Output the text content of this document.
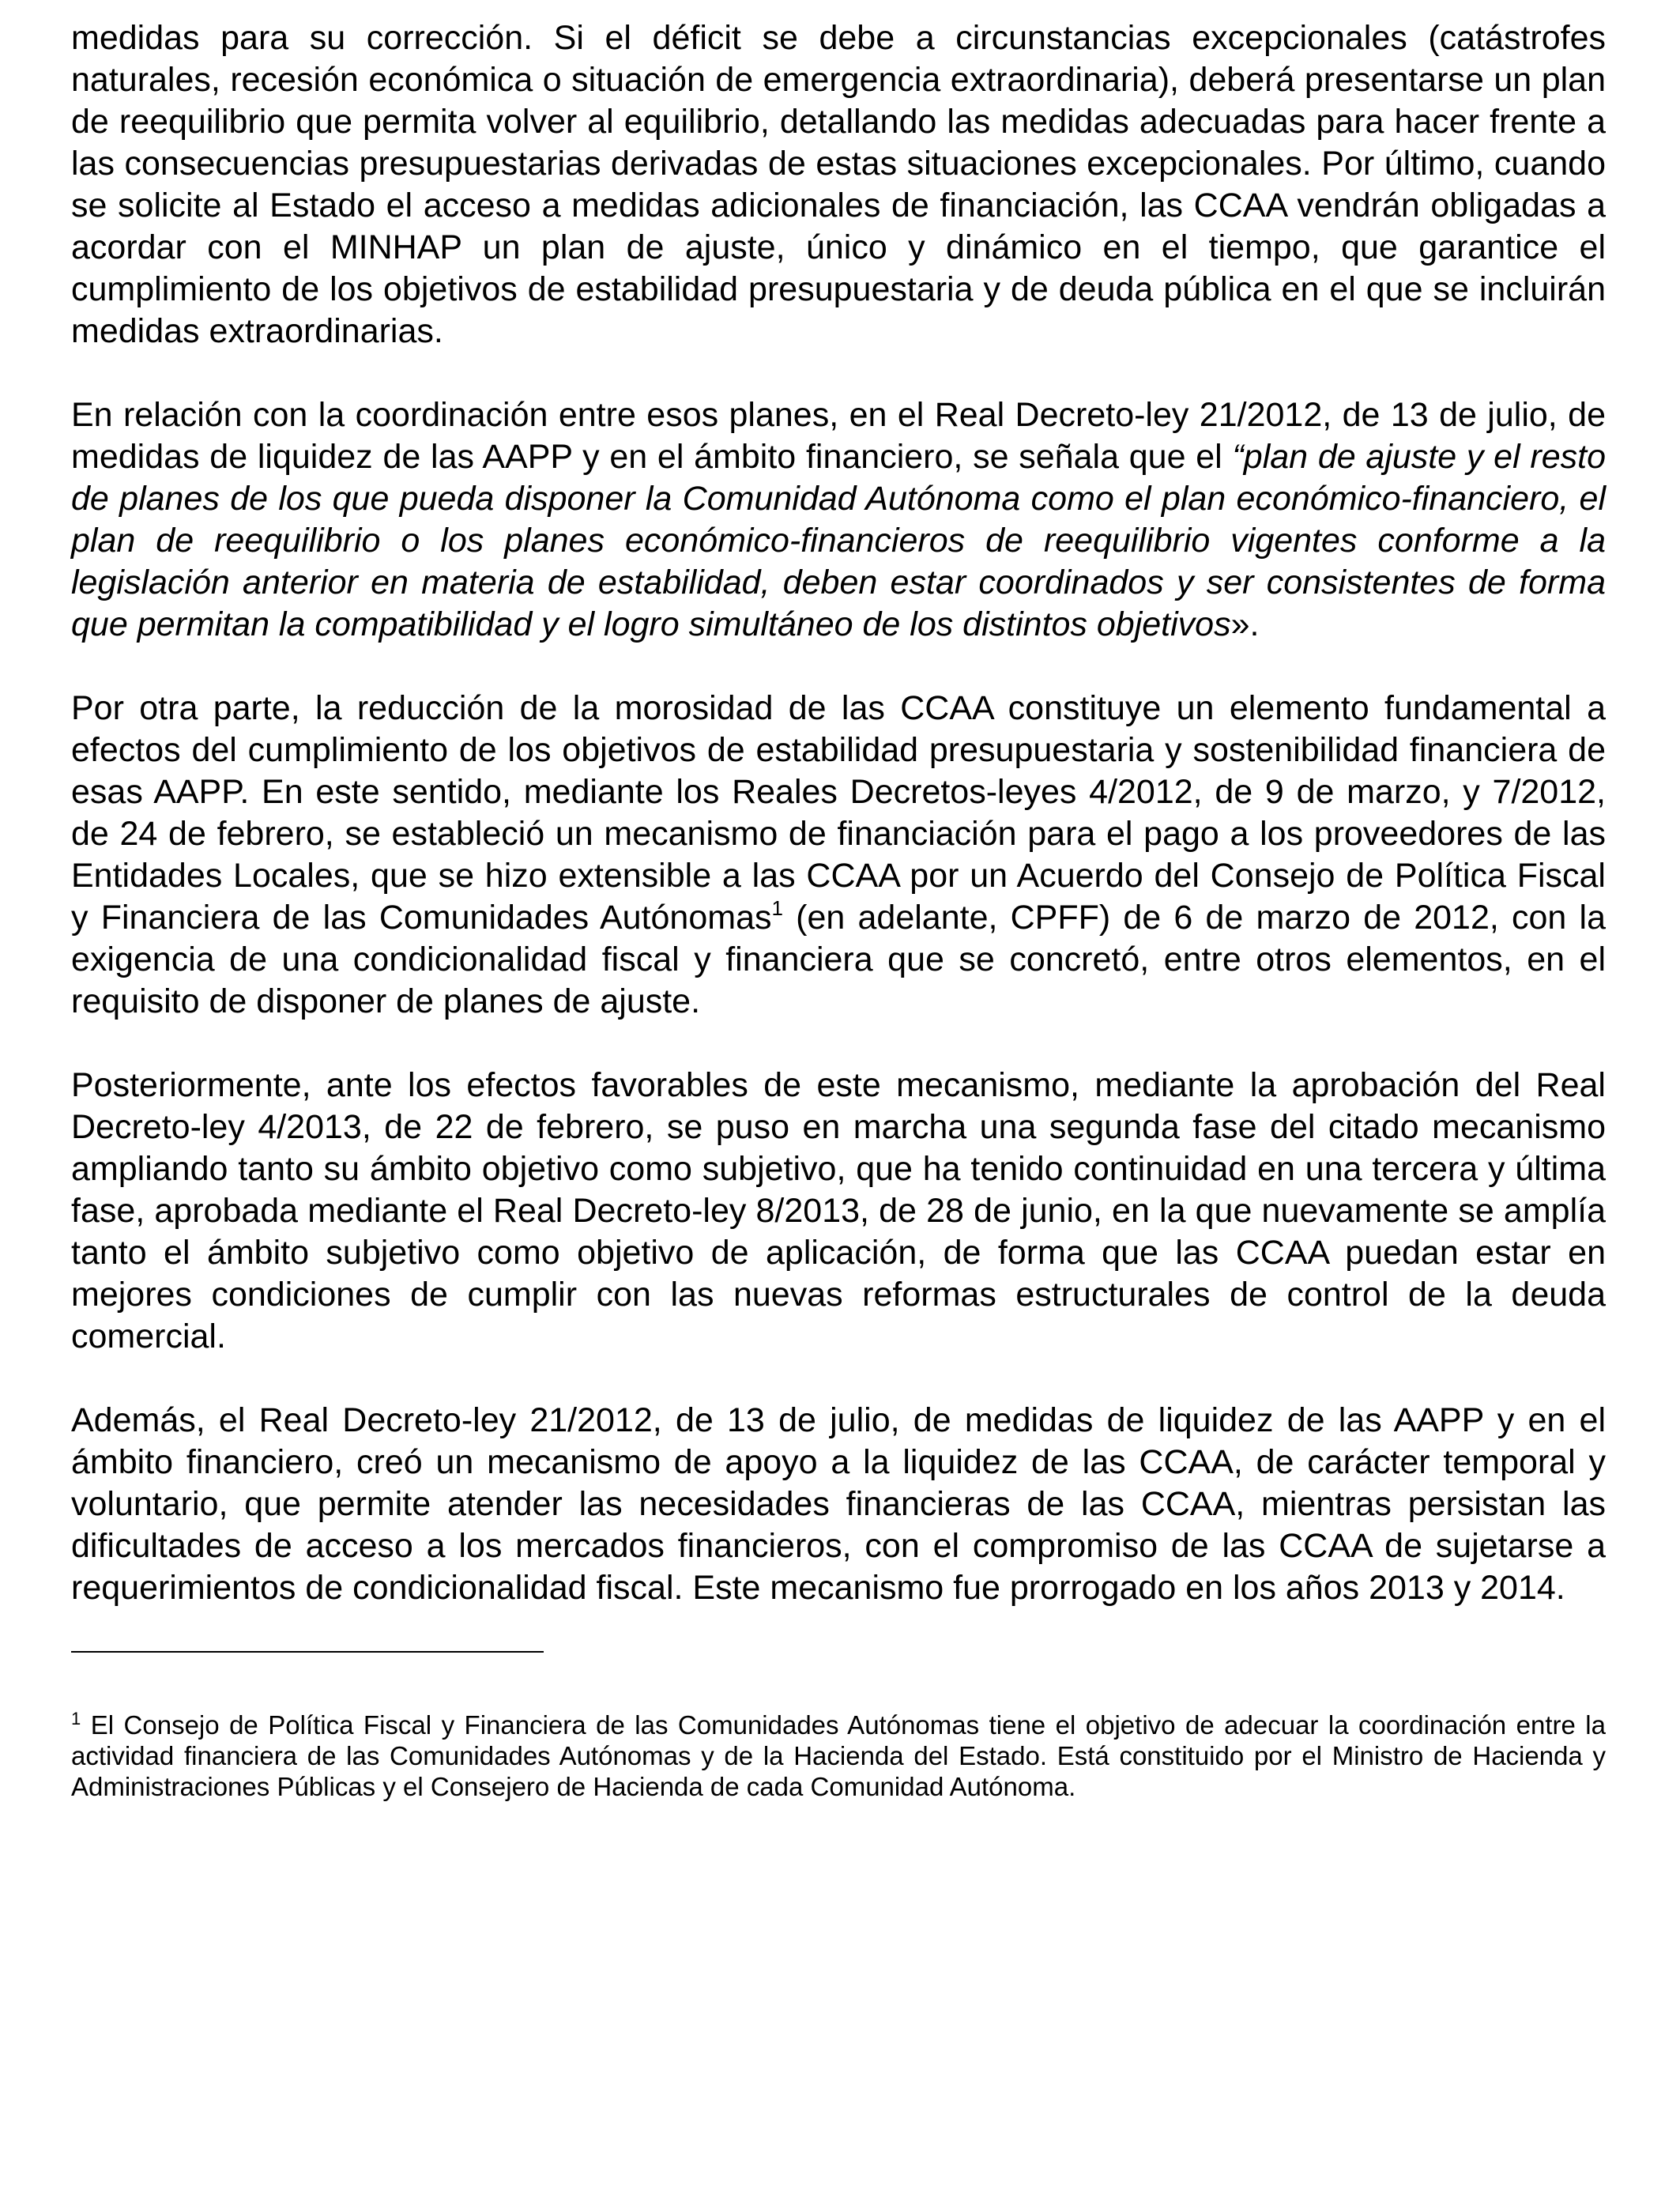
medidas para su corrección. Si el déficit se debe a circunstancias excepcionales (catástrofes naturales, recesión económica o situación de emergencia extraordinaria), deberá presentarse un plan de reequilibrio que permita volver al equilibrio, detallando las medidas adecuadas para hacer frente a las consecuencias presupuestarias derivadas de estas situaciones excepcionales. Por último, cuando se solicite al Estado el acceso a medidas adicionales de financiación, las CCAA vendrán obligadas a acordar con el MINHAP un plan de ajuste, único y dinámico en el tiempo, que garantice el cumplimiento de los objetivos de estabilidad presupuestaria y de deuda pública en el que se incluirán medidas extraordinarias.

En relación con la coordinación entre esos planes, en el Real Decreto-ley 21/2012, de 13 de julio, de medidas de liquidez de las AAPP y en el ámbito financiero, se señala que el “plan de ajuste y el resto de planes de los que pueda disponer la Comunidad Autónoma como el plan económico-financiero, el plan de reequilibrio o los planes económico-financieros de reequilibrio vigentes conforme a la legislación anterior en materia de estabilidad, deben estar coordinados y ser consistentes de forma que permitan la compatibilidad y el logro simultáneo de los distintos objetivos».

Por otra parte, la reducción de la morosidad de las CCAA constituye un elemento fundamental a efectos del cumplimiento de los objetivos de estabilidad presupuestaria y sostenibilidad financiera de esas AAPP. En este sentido, mediante los Reales Decretos-leyes 4/2012, de 9 de marzo, y 7/2012, de 24 de febrero, se estableció un mecanismo de financiación para el pago a los proveedores de las Entidades Locales, que se hizo extensible a las CCAA por un Acuerdo del Consejo de Política Fiscal y Financiera de las Comunidades Autónomas$^1$ (en adelante, CPFF) de 6 de marzo de 2012, con la exigencia de una condicionalidad fiscal y financiera que se concretó, entre otros elementos, en el requisito de disponer de planes de ajuste.

Posteriormente, ante los efectos favorables de este mecanismo, mediante la aprobación del Real Decreto-ley 4/2013, de 22 de febrero, se puso en marcha una segunda fase del citado mecanismo ampliando tanto su ámbito objetivo como subjetivo, que ha tenido continuidad en una tercera y última fase, aprobada mediante el Real Decreto-ley 8/2013, de 28 de junio, en la que nuevamente se amplía tanto el ámbito subjetivo como objetivo de aplicación, de forma que las CCAA puedan estar en mejores condiciones de cumplir con las nuevas reformas estructurales de control de la deuda comercial.

Además, el Real Decreto-ley 21/2012, de 13 de julio, de medidas de liquidez de las AAPP y en el ámbito financiero, creó un mecanismo de apoyo a la liquidez de las CCAA, de carácter temporal y voluntario, que permite atender las necesidades financieras de las CCAA, mientras persistan las dificultades de acceso a los mercados financieros, con el compromiso de las CCAA de sujetarse a requerimientos de condicionalidad fiscal. Este mecanismo fue prorrogado en los años 2013 y 2014.

$^1$ El Consejo de Política Fiscal y Financiera de las Comunidades Autónomas tiene el objetivo de adecuar la coordinación entre la actividad financiera de las Comunidades Autónomas y de la Hacienda del Estado. Está constituido por el Ministro de Hacienda y Administraciones Públicas y el Consejero de Hacienda de cada Comunidad Autónoma.
